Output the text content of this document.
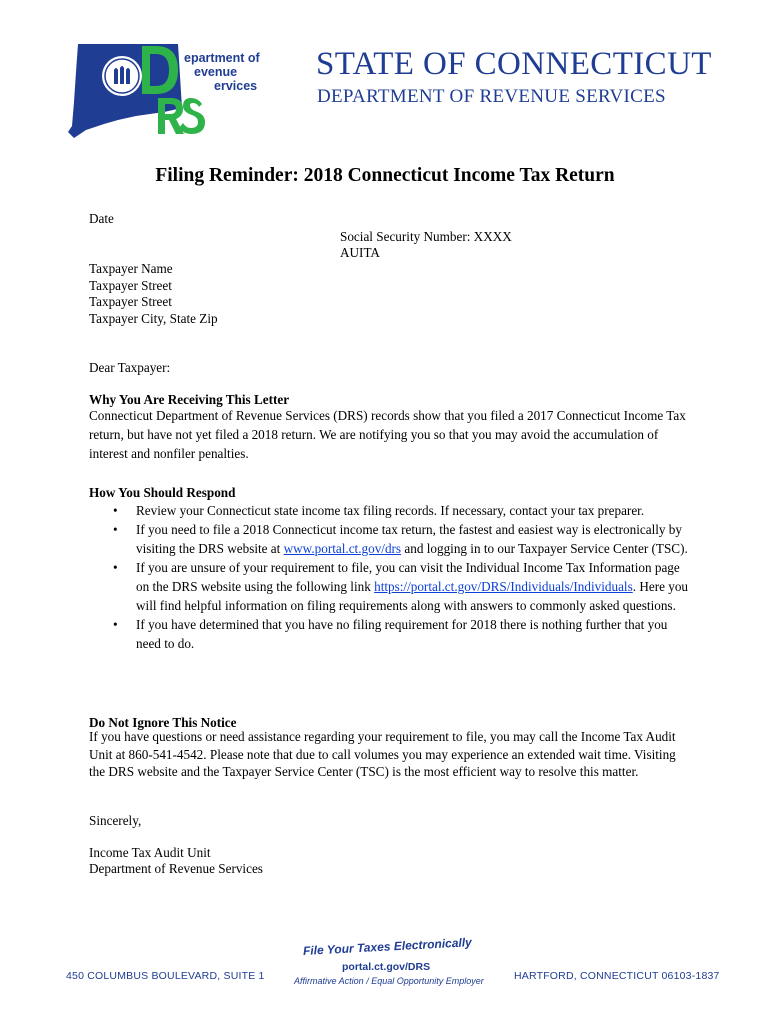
epartment of
evenue
ervices
STATE OF CONNECTICUT
DEPARTMENT OF REVENUE SERVICES
Filing Reminder: 2018 Connecticut Income Tax Return
Date
Social Security Number: XXXX
AUITA
Taxpayer Name
Taxpayer Street
Taxpayer Street
Taxpayer City, State Zip
Dear Taxpayer:
Why You Are Receiving This Letter

Connecticut Department of Revenue Services (DRS) records show that you filed a 2017 Connecticut Income Tax return, but have not yet filed a 2018 return. We are notifying you so that you may avoid the accumulation of interest and nonfiler penalties.

How You Should Respond
• Review your Connecticut state income tax filing records. If necessary, contact your tax preparer.
• If you need to file a 2018 Connecticut income tax return, the fastest and easiest way is electronically by visiting the DRS website at www.portal.ct.gov/drs and logging in to our Taxpayer Service Center (TSC).
• If you are unsure of your requirement to file, you can visit the Individual Income Tax Information page on the DRS website using the following link https://portal.ct.gov/DRS/Individuals/Individuals. Here you will find helpful information on filing requirements along with answers to commonly asked questions.
• If you have determined that you have no filing requirement for 2018 there is nothing further that you need to do.
Do Not Ignore This Notice

If you have questions or need assistance regarding your requirement to file, you may call the Income Tax Audit Unit at 860-541-4542. Please note that due to call volumes you may experience an extended wait time. Visiting the DRS website and the Taxpayer Service Center (TSC) is the most efficient way to resolve this matter.

Sincerely,
Income Tax Audit Unit
Department of Revenue Services
450 COLUMBUS BOULEVARD, SUITE 1
File Your Taxes Electronically
portal.ct.gov/DRS
Affirmative Action / Equal Opportunity Employer	HARTFORD, CONNECTICUT 06103-1837
